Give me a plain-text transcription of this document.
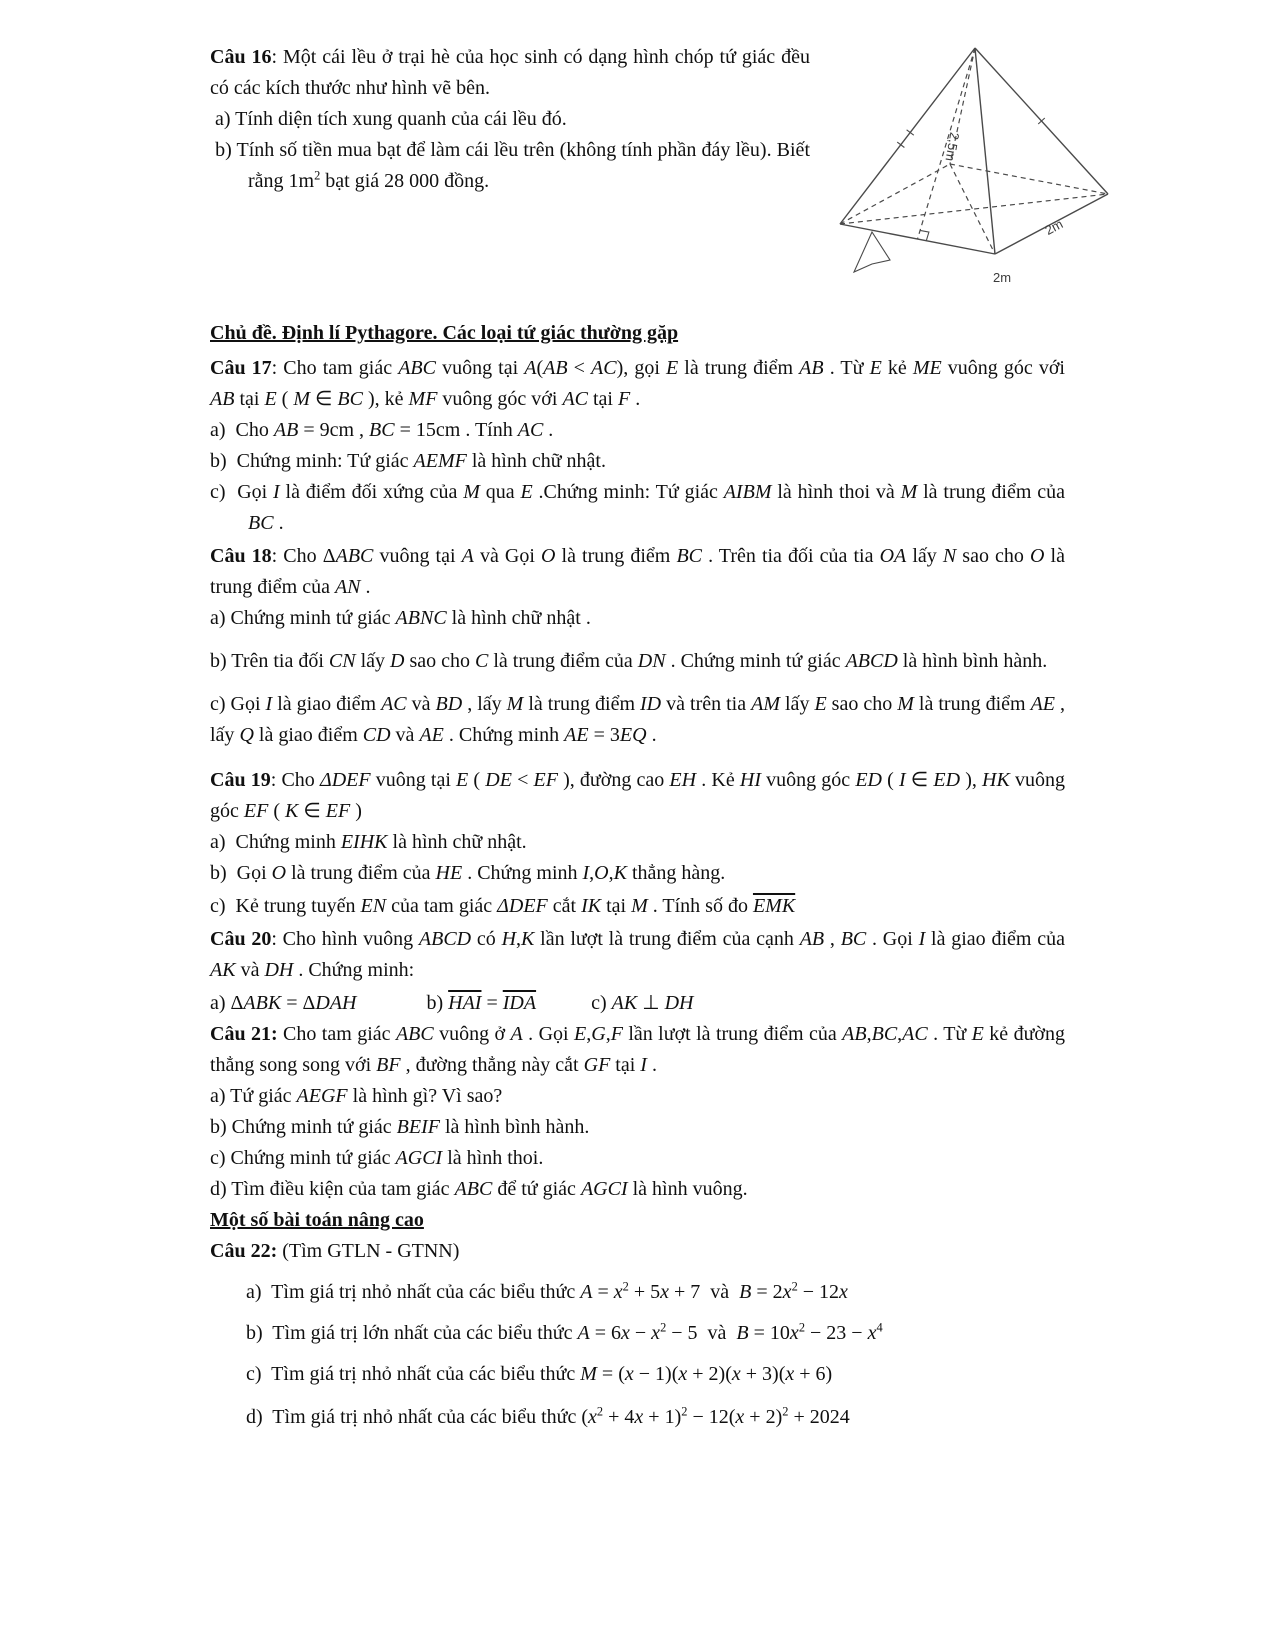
Câu 16: Một cái lều ở trại hè của học sinh có dạng hình chóp tứ giác đều có các kích thước như hình vẽ bên.

a) Tính diện tích xung quanh của cái lều đó.

b) Tính số tiền mua bạt để làm cái lều trên (không tính phần đáy lều). Biết rằng $1m^2$ bạt giá 28 000 đồng.

2,5m
2m
2m

Chủ đề. Định lí Pythagore. Các loại tứ giác thường gặp

Câu 17: Cho tam giác ABC vuông tại A(AB < AC), gọi E là trung điểm AB . Từ E kẻ ME vuông góc với AB tại E ( M ∈ BC ), kẻ MF vuông góc với AC tại F .

a)  Cho AB = 9cm , BC = 15cm . Tính AC .

b)  Chứng minh: Tứ giác AEMF là hình chữ nhật.

c)  Gọi I là điểm đối xứng của M qua E .Chứng minh: Tứ giác AIBM là hình thoi và M là trung điểm của BC .

Câu 18: Cho ΔABC vuông tại A và Gọi O là trung điểm BC . Trên tia đối của tia OA lấy N sao cho O là trung điểm của AN .

a) Chứng minh tứ giác ABNC là hình chữ nhật .

b) Trên tia đối CN lấy D sao cho C là trung điểm của DN . Chứng minh tứ giác ABCD là hình bình hành.

c) Gọi I là giao điểm AC và BD , lấy M là trung điểm ID và trên tia AM lấy E sao cho M là trung điểm AE , lấy Q là giao điểm CD và AE . Chứng minh AE = 3EQ .

Câu 19: Cho ΔDEF vuông tại E ( DE < EF ), đường cao EH . Kẻ HI vuông góc ED ( I ∈ ED ), HK vuông góc EF ( K ∈ EF )

a)  Chứng minh EIHK là hình chữ nhật.

b)  Gọi O là trung điểm của HE . Chứng minh I,O,K thẳng hàng.

c)  Kẻ trung tuyến EN của tam giác ΔDEF cắt IK tại M . Tính số đo $\overline{EMK}$

Câu 20: Cho hình vuông ABCD có H,K lần lượt là trung điểm của cạnh AB , BC . Gọi I là giao điểm của AK và DH . Chứng minh:

a) ΔABK = ΔDAH              b) $\overline{HAI} = \overline{IDA}$           c) AK ⊥ DH

Câu 21: Cho tam giác ABC vuông ở A . Gọi E,G,F lần lượt là trung điểm của AB,BC,AC . Từ E kẻ đường thẳng song song với BF , đường thẳng này cắt GF tại I .

a) Tứ giác AEGF là hình gì? Vì sao?

b) Chứng minh tứ giác BEIF là hình bình hành.

c) Chứng minh tứ giác AGCI là hình thoi.

d) Tìm điều kiện của tam giác ABC để tứ giác AGCI là hình vuông.

Một số bài toán nâng cao

Câu 22: (Tìm GTLN - GTNN)

a)  Tìm giá trị nhỏ nhất của các biểu thức $A = x^2 + 5x + 7$  và  $B = 2x^2 - 12x$

b)  Tìm giá trị lớn nhất của các biểu thức $A = 6x - x^2 - 5$  và  $B = 10x^2 - 23 - x^4$

c)  Tìm giá trị nhỏ nhất của các biểu thức M = (x − 1)(x + 2)(x + 3)(x + 6)

d)  Tìm giá trị nhỏ nhất của các biểu thức $(x^2 + 4x + 1)^2 - 12(x + 2)^2 + 2024$
